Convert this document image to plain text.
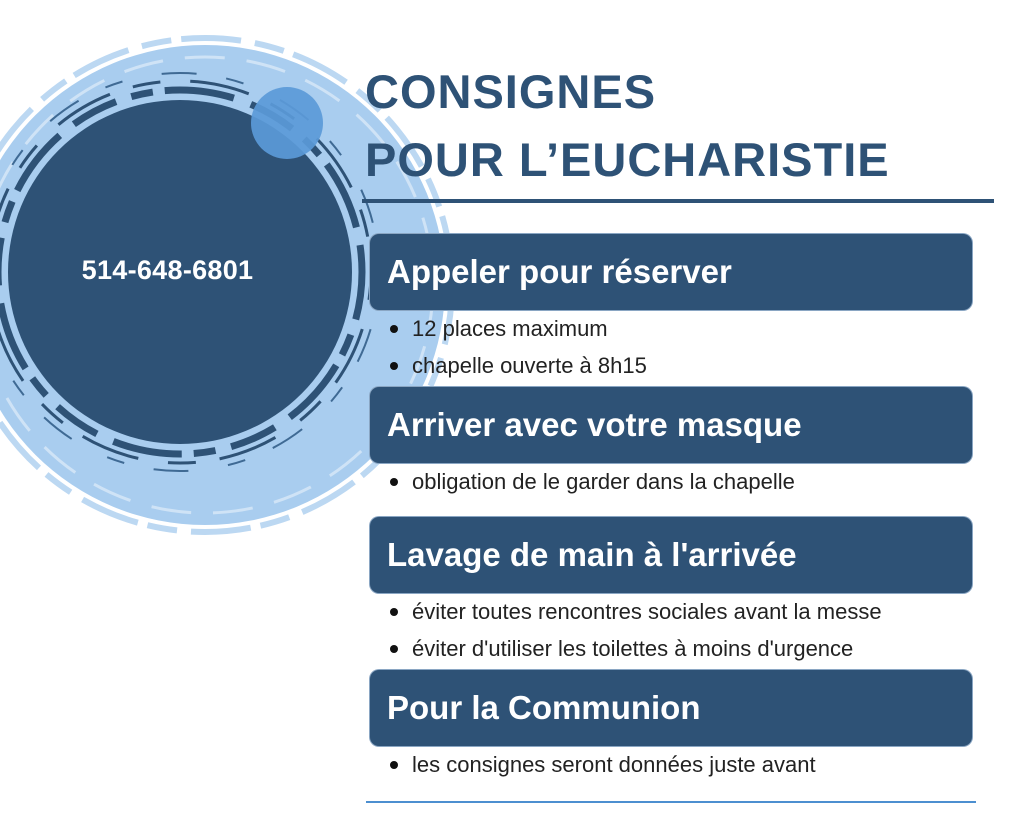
514-648-6801
CONSIGNES
POUR L’EUCHARISTIE
Appeler pour réserver
12 places maximum
chapelle ouverte à 8h15
Arriver avec votre masque
obligation de le garder dans la chapelle
Lavage de main à l'arrivée
éviter toutes rencontres sociales avant la messe
éviter d'utiliser les toilettes à moins d'urgence
Pour la Communion
les consignes seront données juste avant
